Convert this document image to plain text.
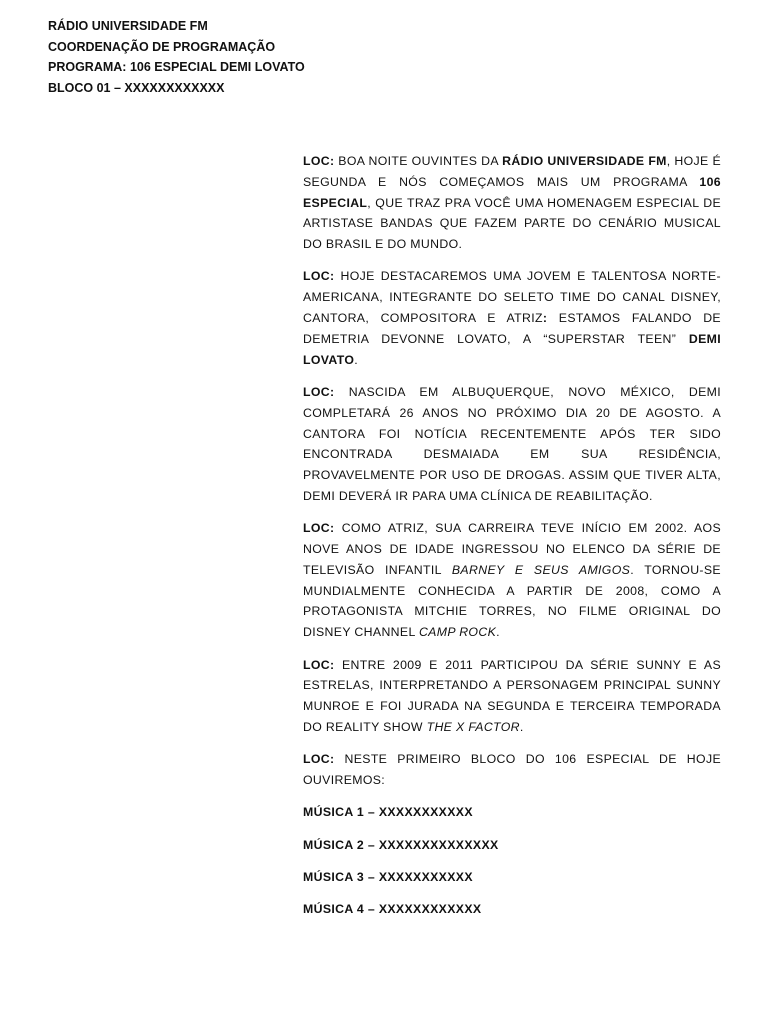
RÁDIO UNIVERSIDADE FM
COORDENAÇÃO DE PROGRAMAÇÃO
PROGRAMA: 106 ESPECIAL DEMI LOVATO
BLOCO 01 – XXXXXXXXXXXX

LOC: BOA NOITE OUVINTES DA RÁDIO UNIVERSIDADE FM, HOJE É SEGUNDA E NÓS COMEÇAMOS MAIS UM PROGRAMA 106 ESPECIAL, QUE TRAZ PRA VOCÊ UMA HOMENAGEM ESPECIAL DE ARTISTASE BANDAS QUE FAZEM PARTE DO CENÁRIO MUSICAL DO BRASIL E DO MUNDO.

LOC: HOJE DESTACAREMOS UMA JOVEM E TALENTOSA NORTE-AMERICANA, INTEGRANTE DO SELETO TIME DO CANAL DISNEY, CANTORA, COMPOSITORA E ATRIZ: ESTAMOS FALANDO DE DEMETRIA DEVONNE LOVATO, A “SUPERSTAR TEEN” DEMI LOVATO.

LOC: NASCIDA EM ALBUQUERQUE, NOVO MÉXICO, DEMI COMPLETARÁ 26 ANOS NO PRÓXIMO DIA 20 DE AGOSTO. A CANTORA FOI NOTÍCIA RECENTEMENTE APÓS TER SIDO ENCONTRADA DESMAIADA EM SUA RESIDÊNCIA, PROVAVELMENTE POR USO DE DROGAS. ASSIM QUE TIVER ALTA, DEMI DEVERÁ IR PARA UMA CLÍNICA DE REABILITAÇÃO.

LOC: COMO ATRIZ, SUA CARREIRA TEVE INÍCIO EM 2002. AOS NOVE ANOS DE IDADE INGRESSOU NO ELENCO DA SÉRIE DE TELEVISÃO INFANTIL BARNEY E SEUS AMIGOS. TORNOU-SE MUNDIALMENTE CONHECIDA A PARTIR DE 2008, COMO A PROTAGONISTA MITCHIE TORRES, NO FILME ORIGINAL DO DISNEY CHANNEL CAMP ROCK.

LOC: ENTRE 2009 E 2011 PARTICIPOU DA SÉRIE SUNNY E AS ESTRELAS, INTERPRETANDO A PERSONAGEM PRINCIPAL SUNNY MUNROE E FOI JURADA NA SEGUNDA E TERCEIRA TEMPORADA DO REALITY SHOW THE X FACTOR.

LOC: NESTE PRIMEIRO BLOCO DO 106 ESPECIAL DE HOJE OUVIREMOS:

MÚSICA 1 – XXXXXXXXXXX
MÚSICA 2 – XXXXXXXXXXXXXX
MÚSICA 3 – XXXXXXXXXXX
MÚSICA 4 – XXXXXXXXXXXX
